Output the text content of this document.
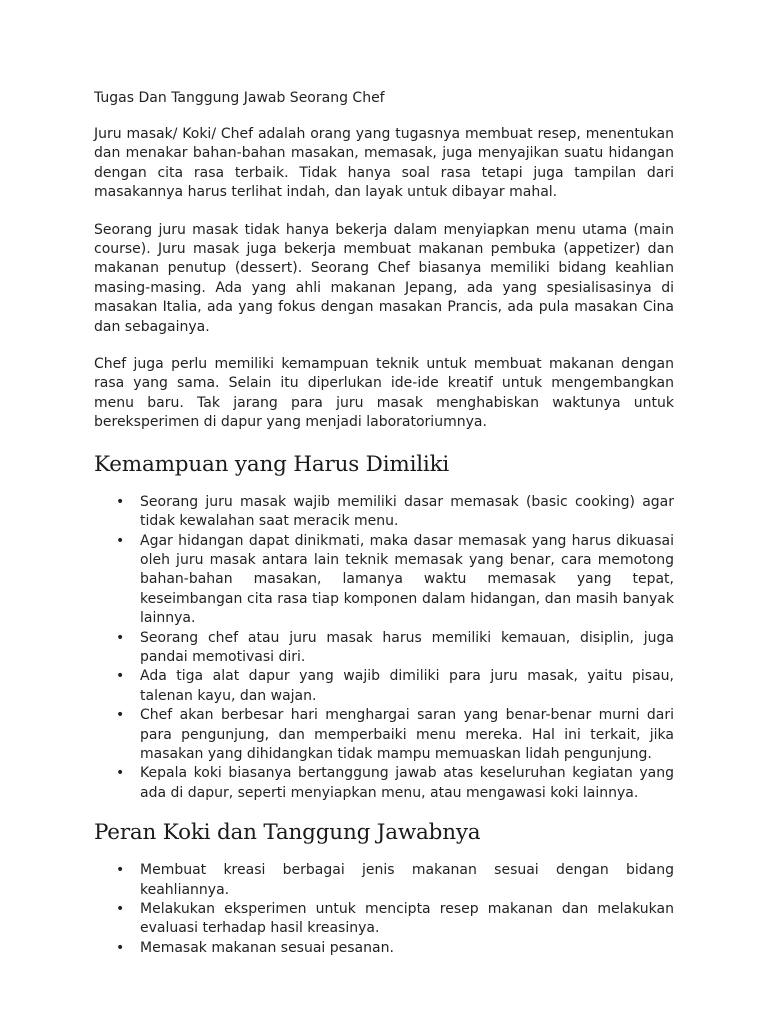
Tugas Dan Tanggung Jawab Seorang Chef

Juru masak/ Koki/ Chef adalah orang yang tugasnya membuat resep, menentukan dan menakar bahan-bahan masakan, memasak, juga menyajikan suatu hidangan dengan cita rasa terbaik. Tidak hanya soal rasa tetapi juga tampilan dari masakannya harus terlihat indah, dan layak untuk dibayar mahal.

Seorang juru masak tidak hanya bekerja dalam menyiapkan menu utama (main course). Juru masak juga bekerja membuat makanan pembuka (appetizer) dan makanan penutup (dessert). Seorang Chef biasanya memiliki bidang keahlian masing-masing. Ada yang ahli makanan Jepang, ada yang spesialisasinya di masakan Italia, ada yang fokus dengan masakan Prancis, ada pula masakan Cina dan sebagainya.

Chef juga perlu memiliki kemampuan teknik untuk membuat makanan dengan rasa yang sama. Selain itu diperlukan ide-ide kreatif untuk mengembangkan menu baru. Tak jarang para juru masak menghabiskan waktunya untuk bereksperimen di dapur yang menjadi laboratoriumnya.

Kemampuan yang Harus Dimiliki
• Seorang juru masak wajib memiliki dasar memasak (basic cooking) agar tidak kewalahan saat meracik menu.
• Agar hidangan dapat dinikmati, maka dasar memasak yang harus dikuasai oleh juru masak antara lain teknik memasak yang benar, cara memotong bahan-bahan masakan, lamanya waktu memasak yang tepat, keseimbangan cita rasa tiap komponen dalam hidangan, dan masih banyak lainnya.
• Seorang chef atau juru masak harus memiliki kemauan, disiplin, juga pandai memotivasi diri.
• Ada tiga alat dapur yang wajib dimiliki para juru masak, yaitu pisau, talenan kayu, dan wajan.
• Chef akan berbesar hari menghargai saran yang benar-benar murni dari para pengunjung, dan memperbaiki menu mereka. Hal ini terkait, jika masakan yang dihidangkan tidak mampu memuaskan lidah pengunjung.
• Kepala koki biasanya bertanggung jawab atas keseluruhan kegiatan yang ada di dapur, seperti menyiapkan menu, atau mengawasi koki lainnya.
Peran Koki dan Tanggung Jawabnya
• Membuat kreasi berbagai jenis makanan sesuai dengan bidang keahliannya.
• Melakukan eksperimen untuk mencipta resep makanan dan melakukan evaluasi terhadap hasil kreasinya.
• Memasak makanan sesuai pesanan.
